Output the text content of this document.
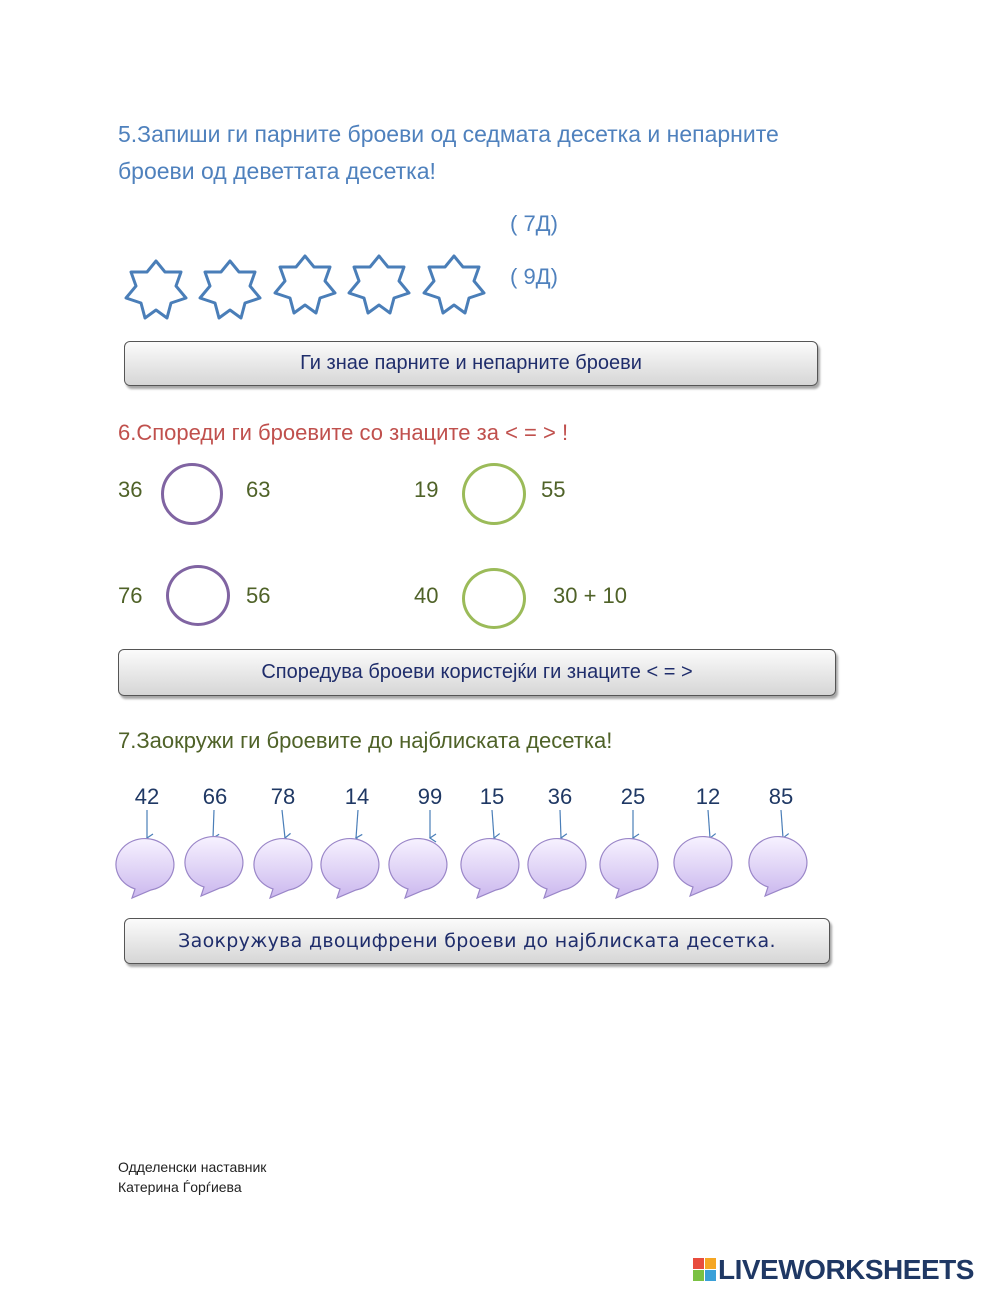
5.Запиши ги парните броеви од седмата десетка и непарните
броеви од деветтата десетка!
( 7Д)
( 9Д)
Ги знае парните и непарните броеви
6.Спореди ги броевите со знаците за < = > !
36	63	19	55
76	56	40	30 + 10
Споредува броеви користејќи ги знаците < = >
7.Заокружи ги броевите до најблиската десетка!
42	66	78	14	99	15	36	25	12	85
Заокружува двоцифрени броеви до најблиската десетка.
Одделенски наставник
Катерина Ѓорѓиева
LIVEWORKSHEETS
